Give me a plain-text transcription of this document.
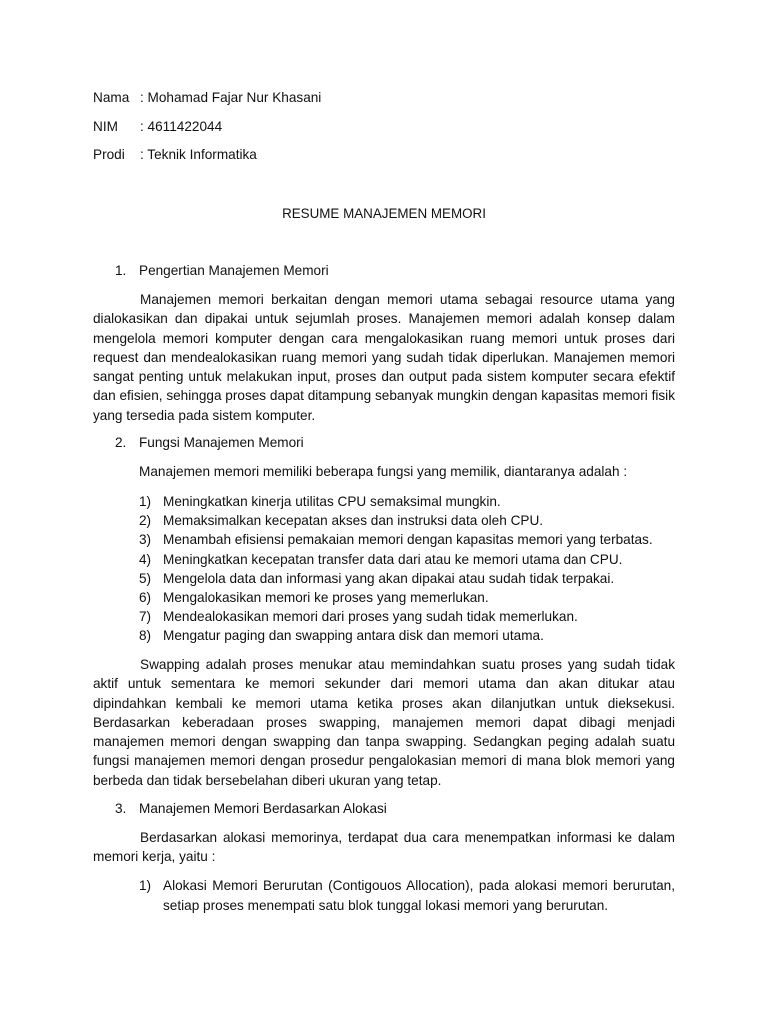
Nama : Mohamad Fajar Nur Khasani
NIM : 4611422044
Prodi : Teknik Informatika
RESUME MANAJEMEN MEMORI
1. Pengertian Manajemen Memori

Manajemen memori berkaitan dengan memori utama sebagai resource utama yang dialokasikan dan dipakai untuk sejumlah proses. Manajemen memori adalah konsep dalam mengelola memori komputer dengan cara mengalokasikan ruang memori untuk proses dari request dan mendealokasikan ruang memori yang sudah tidak diperlukan. Manajemen memori sangat penting untuk melakukan input, proses dan output pada sistem komputer secara efektif dan efisien, sehingga proses dapat ditampung sebanyak mungkin dengan kapasitas memori fisik yang tersedia pada sistem komputer.

2. Fungsi Manajemen Memori
Manajemen memori memiliki beberapa fungsi yang memilik, diantaranya adalah :
1) Meningkatkan kinerja utilitas CPU semaksimal mungkin.
2) Memaksimalkan kecepatan akses dan instruksi data oleh CPU.
3) Menambah efisiensi pemakaian memori dengan kapasitas memori yang terbatas.
4) Meningkatkan kecepatan transfer data dari atau ke memori utama dan CPU.
5) Mengelola data dan informasi yang akan dipakai atau sudah tidak terpakai.
6) Mengalokasikan memori ke proses yang memerlukan.
7) Mendealokasikan memori dari proses yang sudah tidak memerlukan.
8) Mengatur paging dan swapping antara disk dan memori utama.

Swapping adalah proses menukar atau memindahkan suatu proses yang sudah tidak aktif untuk sementara ke memori sekunder dari memori utama dan akan ditukar atau dipindahkan kembali ke memori utama ketika proses akan dilanjutkan untuk dieksekusi. Berdasarkan keberadaan proses swapping, manajemen memori dapat dibagi menjadi manajemen memori dengan swapping dan tanpa swapping. Sedangkan peging adalah suatu fungsi manajemen memori dengan prosedur pengalokasian memori di mana blok memori yang berbeda dan tidak bersebelahan diberi ukuran yang tetap.

3. Manajemen Memori Berdasarkan Alokasi

Berdasarkan alokasi memorinya, terdapat dua cara menempatkan informasi ke dalam memori kerja, yaitu :

1) Alokasi Memori Berurutan (Contigouos Allocation), pada alokasi memori berurutan, setiap proses menempati satu blok tunggal lokasi memori yang berurutan.
